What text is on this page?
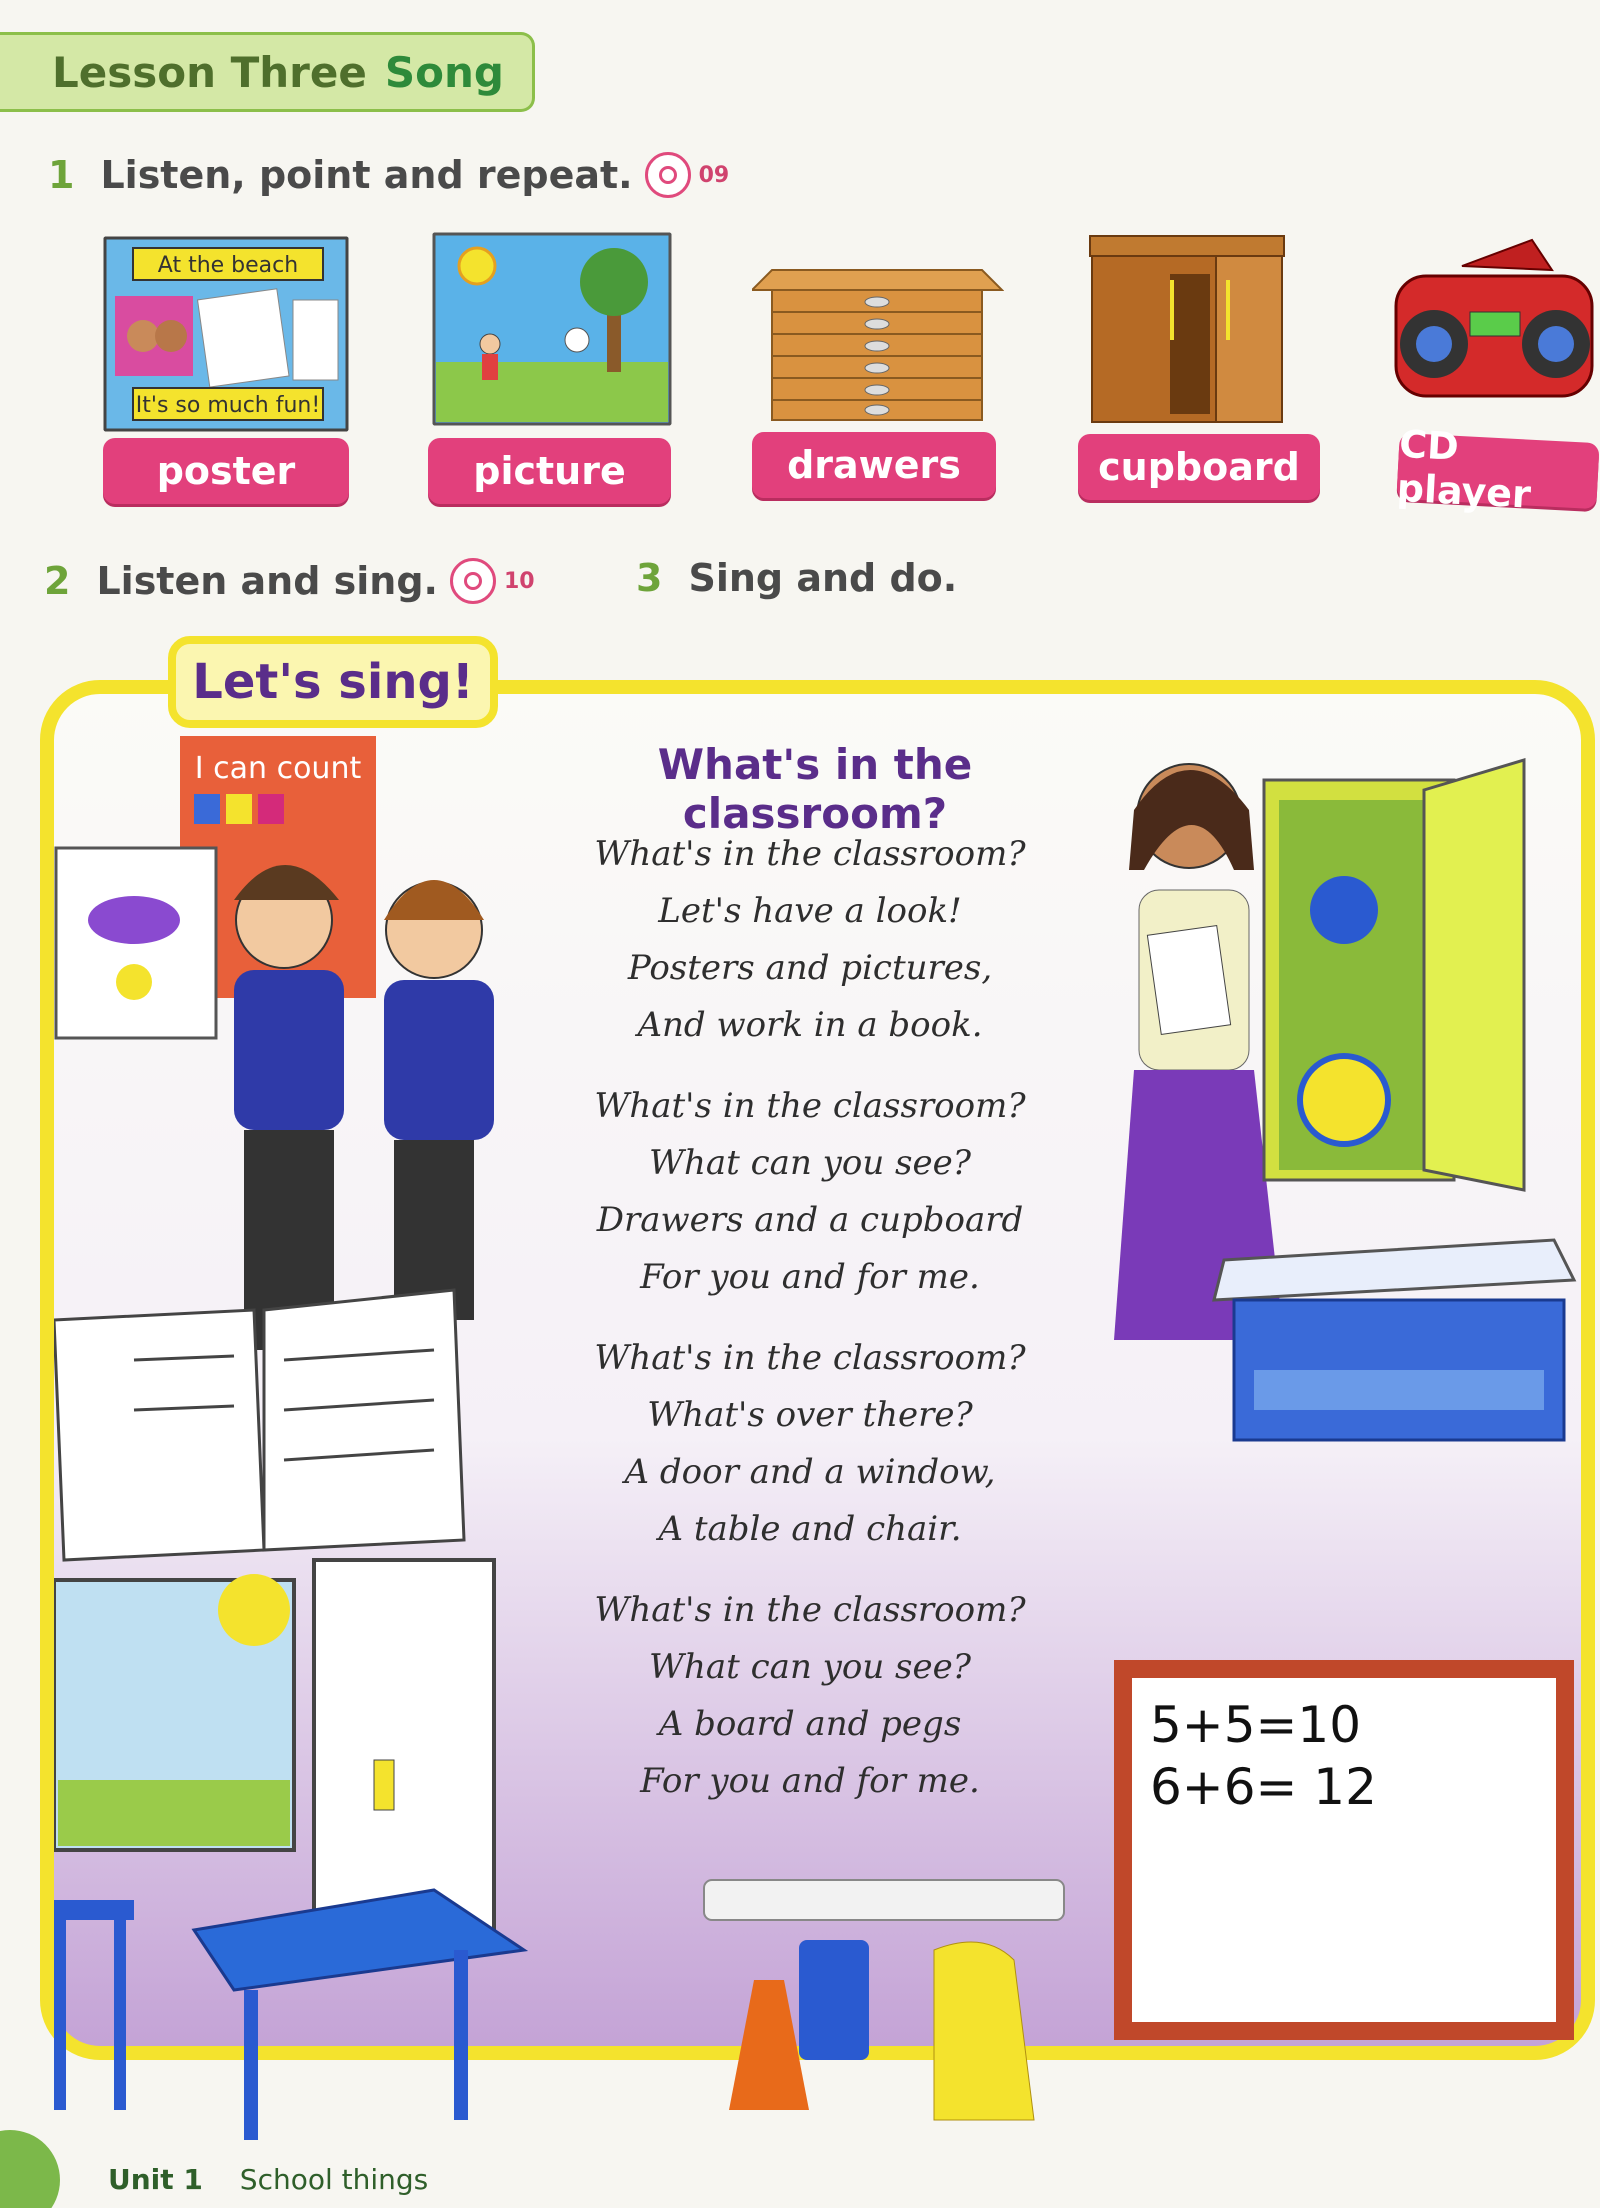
Lesson Three Song
1 Listen, point and repeat.	09
At the beach
It's so much fun!
poster	picture	drawers	cupboard	CD player
2 Listen and sing.	10	3 Sing and do.
Let's sing!
I can count
5+5=10
6+6= 12
What's in the classroom?
What's in the classroom?
Let's have a look!
Posters and pictures,
And work in a book.
What's in the classroom?
What can you see?
Drawers and a cupboard
For you and for me.
What's in the classroom?
What's over there?
A door and a window,
A table and chair.
What's in the classroom?
What can you see?
A board and pegs
For you and for me.
Unit 1 School things
